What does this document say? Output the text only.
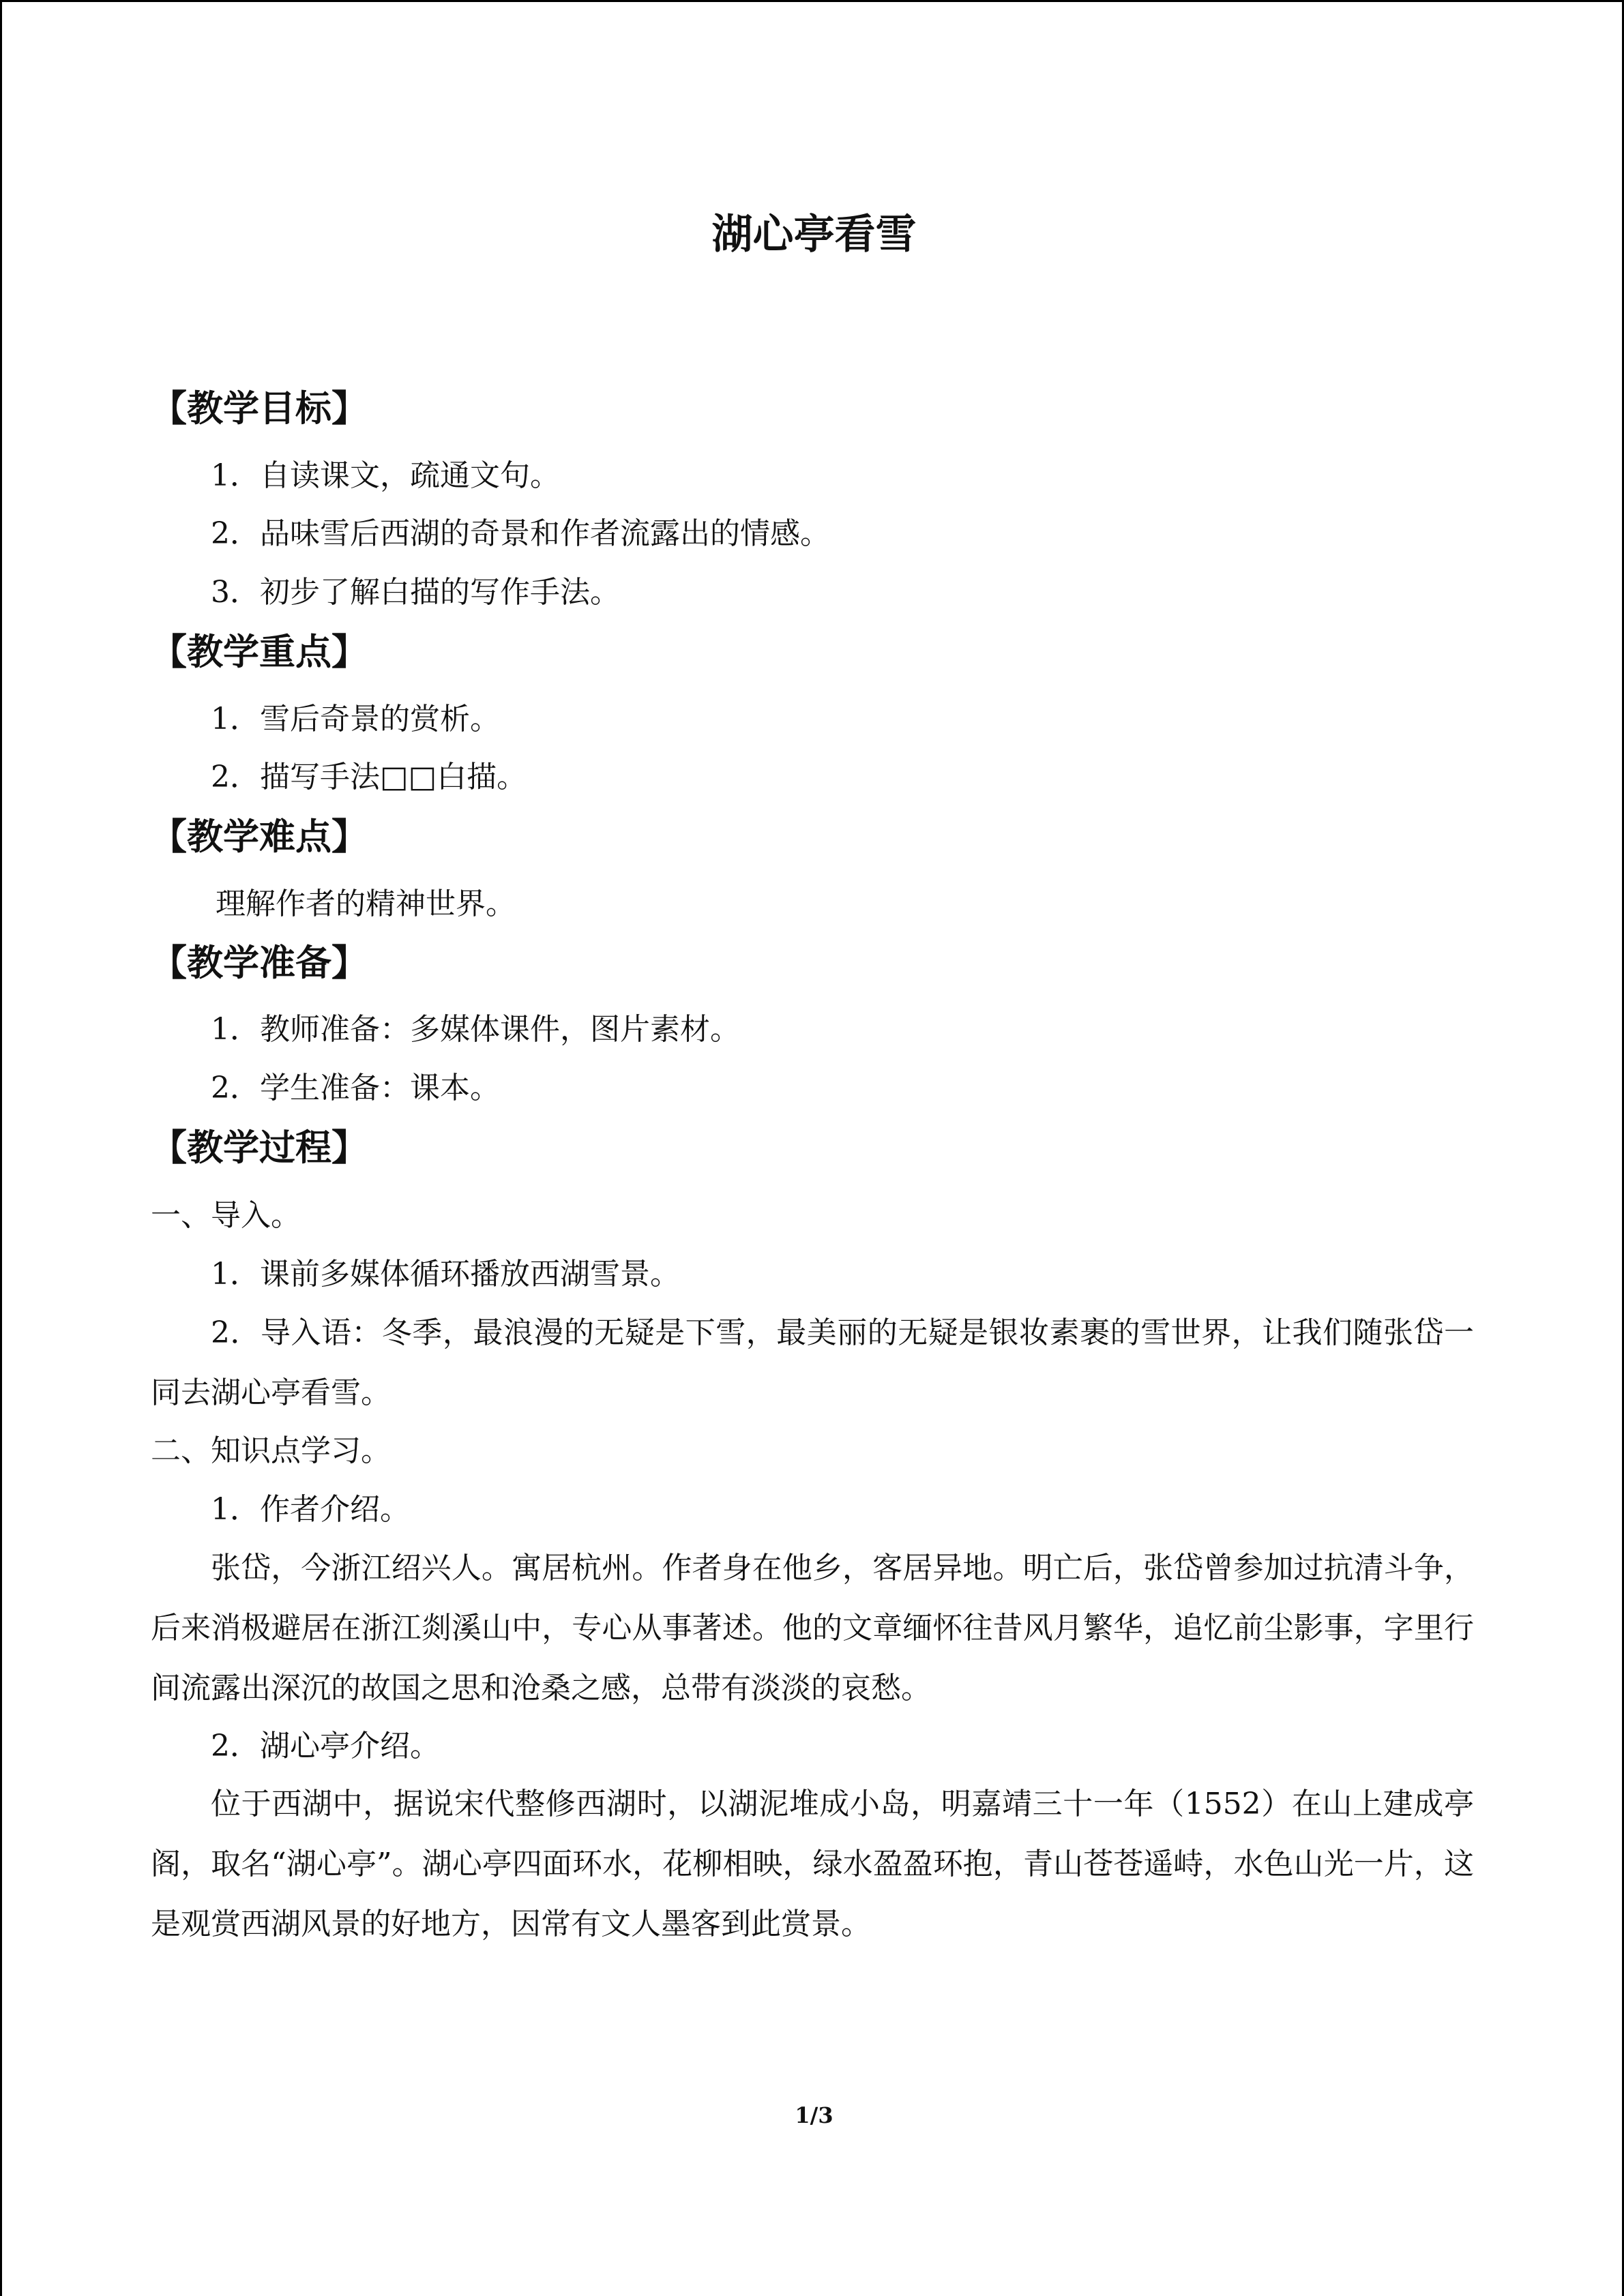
湖心亭看雪
【教学目标】
1．自读课文，疏通文句。
2．品味雪后西湖的奇景和作者流露出的情感。
3．初步了解白描的写作手法。
【教学重点】
1．雪后奇景的赏析。
2．描写手法□□白描。
【教学难点】
理解作者的精神世界。
【教学准备】
1．教师准备：多媒体课件，图片素材。
2．学生准备：课本。
【教学过程】
一、导入。
1．课前多媒体循环播放西湖雪景。
2．导入语：冬季，最浪漫的无疑是下雪，最美丽的无疑是银妆素裹的雪世界，让我们随张岱一同去湖心亭看雪。
二、知识点学习。
1．作者介绍。
张岱，今浙江绍兴人。寓居杭州。作者身在他乡，客居异地。明亡后，张岱曾参加过抗清斗争，后来消极避居在浙江剡溪山中，专心从事著述。他的文章缅怀往昔风月繁华，追忆前尘影事，字里行间流露出深沉的故国之思和沧桑之感，总带有淡淡的哀愁。
2．湖心亭介绍。
位于西湖中，据说宋代整修西湖时，以湖泥堆成小岛，明嘉靖三十一年（1552）在山上建成亭阁，取名“湖心亭”。湖心亭四面环水，花柳相映，绿水盈盈环抱，青山苍苍遥峙，水色山光一片，这是观赏西湖风景的好地方，因常有文人墨客到此赏景。
1/3
